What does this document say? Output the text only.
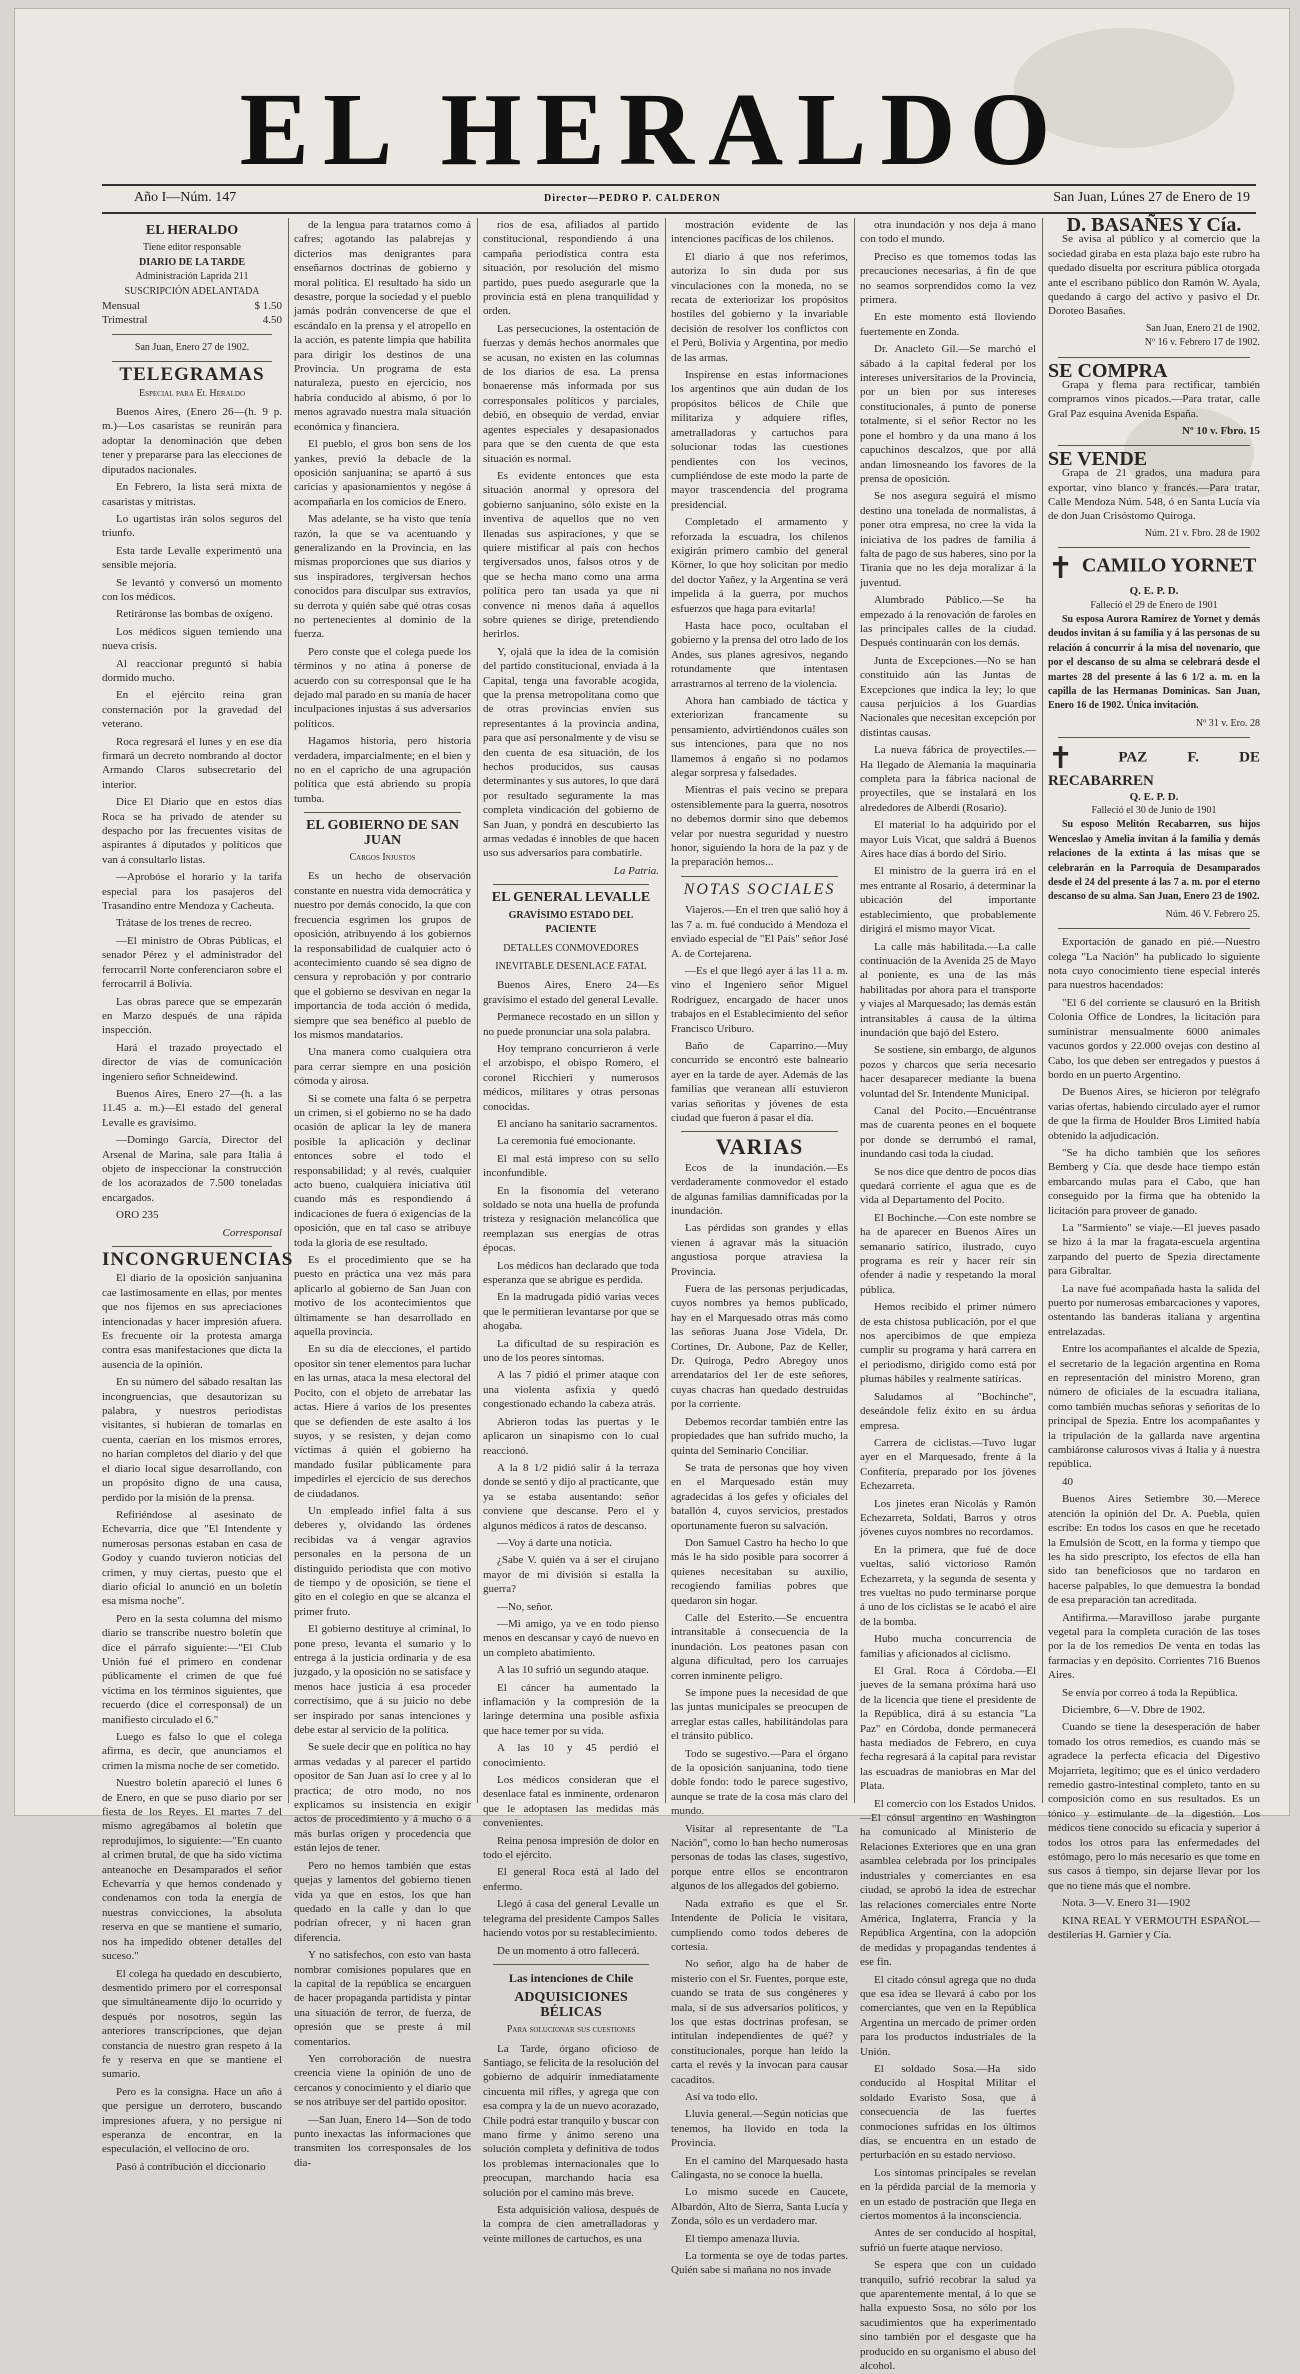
EL HERALDO
Año I—Núm. 147	Director—PEDRO P. CALDERON	San Juan, Lúnes 27 de Enero de 19
EL HERALDO
Tiene editor responsable
DIARIO DE LA TARDE
Administración Laprida 211
SUSCRIPCIÓN ADELANTADA
Mensual	$ 1.50
Trimestral	4.50
San Juan, Enero 27 de 1902.
TELEGRAMAS
Especial para El Heraldo

Buenos Aires, (Enero 26—(h. 9 p. m.)—Los casaristas se reunirán para adoptar la denominación que deben tener y prepararse para las elecciones de diputados nacionales.

En Febrero, la lista será mixta de casaristas y mitristas.

Lo ugartistas irán solos seguros del triunfo.

Esta tarde Levalle experimentó una sensible mejoría.

Se levantó y conversó un momento con los médicos.

Retiráronse las bombas de oxígeno.

Los médicos siguen temiendo una nueva crisis.

Al reaccionar preguntó si había dormido mucho.

En el ejército reina gran consternación por la gravedad del veterano.

Roca regresará el lunes y en ese día firmará un decreto nombrando al doctor Armando Claros subsecretario del interior.

Dice El Diario que en estos días Roca se ha privado de atender su despacho por las frecuentes visitas de aspirantes á diputados y políticos que van á consultarlo listas.

—Aprobóse el horario y la tarifa especial para los pasajeros del Trasandino entre Mendoza y Cacheuta.

Trátase de los trenes de recreo.

—El ministro de Obras Públicas, el senador Pérez y el administrador del ferrocarril Norte conferenciaron sobre el ferrocarril á Bolivia.

Las obras parece que se empezarán en Marzo después de una rápida inspección.

Hará el trazado proyectado el director de vías de comunicación ingeniero señor Schneidewind.

Buenos Aires, Enero 27—(h. a las 11.45 a. m.)—El estado del general Levalle es gravísimo.

—Domingo García, Director del Arsenal de Marina, sale para Italia á objeto de inspeccionar la construcción de los acorazados de 7.500 toneladas encargados.

ORO 235

Corresponsal
INCONGRUENCIAS

El diario de la oposición sanjuanina cae lastimosamente en ellas, por mentes que nos fijemos en sus apreciaciones intencionadas y hacer impresión afuera. Es frecuente oír la protesta amarga contra esas manifestaciones que dicta la ausencia de la opinión.

En su número del sábado resaltan las incongruencias, que desautorizan su palabra, y nuestros periodistas visitantes, si hubieran de tomarlas en cuenta, caerían en los mismos errores, no harían completos del diario y del que el diario local sigue desarrollando, con un propósito digno de una causa, perdido por la misión de la prensa.

Refiriéndose al asesinato de Echevarría, dice que "El Intendente y numerosas personas estaban en casa de Godoy y cuando tuvieron noticias del crimen, y muy ciertas, puesto que el diario oficial lo anunció en un boletín esa misma noche".

Pero en la sesta columna del mismo diario se transcribe nuestro boletín que dice el párrafo siguiente:—"El Club Unión fué el primero en condenar públicamente el crimen de que fué víctima en los términos siguientes, que recuerdo (dice el corresponsal) de un manifiesto circulado el 6."

Luego es falso lo que el colega afirma, es decir, que anunciamos el crimen la misma noche de ser cometido.

Nuestro boletín apareció el lunes 6 de Enero, en que se puso diario por ser fiesta de los Reyes. El martes 7 del mismo agregábamos al boletín que reprodujimos, lo siguiente:—"En cuanto al crimen brutal, de que ha sido víctima anteanoche en Desamparados el señor Echevarría y que hemos condenado y condenamos con toda la energía de nuestras convicciones, la absoluta reserva en que se mantiene el sumario, nos ha impedido obtener detalles del suceso."

El colega ha quedado en descubierto, desmentido primero por el corresponsal que simultáneamente dijo lo ocurrido y después por nosotros, según las anteriores transcripciones, que dejan constancia de nuestro gran respeto á la fe y reserva en que se mantiene el sumario.

Pero es la consigna. Hace un año á que persigue un derrotero, buscando impresiones afuera, y no persigue ni esperanza de encontrar, en la especulación, el vellocino de oro.

Pasó á contribución el diccionario

de la lengua para tratarnos como á cafres; agotando las palabrejas y dicterios mas denigrantes para enseñarnos doctrinas de gobierno y moral política. El resultado ha sido un desastre, porque la sociedad y el pueblo jamás podrán convencerse de que el escándalo en la prensa y el atropello en la acción, es patente limpia que habilita para dirigir los destinos de una Provincia. Un programa de esta naturaleza, puesto en ejercicio, nos habría conducido al abismo, ó por lo menos agravado nuestra mala situación económica y financiera.

El pueblo, el gros bon sens de los yankes, previó la debacle de la oposición sanjuanina; se apartó á sus caricias y apasionamientos y negóse á acompañarla en los comicios de Enero.

Mas adelante, se ha visto que tenía razón, la que se va acentuando y generalizando en la Provincia, en las mismas proporciones que sus diarios y sus inspiradores, tergiversan hechos conocidos para disculpar sus extravíos, su derrota y quién sabe qué otras cosas no pertenecientes al dominio de la fuerza.

Pero conste que el colega puede los términos y no atina á ponerse de acuerdo con su corresponsal que le ha dejado mal parado en su manía de hacer inculpaciones injustas á sus adversarios políticos.

Hagamos historia, pero historia verdadera, imparcialmente; en el bien y no en el capricho de una agrupación política que está abriendo su propia tumba.

EL GOBIERNO DE SAN JUAN
Cargos Injustos

Es un hecho de observación constante en nuestra vida democrática y nuestro por demás conocido, la que con frecuencia esgrimen los grupos de oposición, atribuyendo á los gobiernos la responsabilidad de cualquier acto ó acontecimiento cuando sé sea digno de censura y reprobación y por contrario que el gobierno se desvivan en negar la importancia de toda acción ó medida, siempre que sea benéfico al pueblo de los mismos mandatarios.

Una manera como cualquiera otra para cerrar siempre en una posición cómoda y airosa.

Si se comete una falta ó se perpetra un crimen, si el gobierno no se ha dado ocasión de aplicar la ley de manera posible la aplicación y declinar entonces sobre el todo el responsabilidad; y al revés, cualquier acto bueno, cualquiera iniciativa útil cuando más es respondiendo á indicaciones de fuera ó exigencias de la oposición, que en tal caso se atribuye toda la gloria de ese resultado.

Es el procedimiento que se ha puesto en práctica una vez más para aplicarlo al gobierno de San Juan con motivo de los acontecimientos que últimamente se han desarrollado en aquella provincia.

En su día de elecciones, el partido opositor sin tener elementos para luchar en las urnas, ataca la mesa electoral del Pocito, con el objeto de arrebatar las actas. Hiere á varios de los presentes que se defienden de este asalto á los suyos, y se resisten, y dejan como víctimas á quién el gobierno ha mandado fusilar públicamente para impedirles el ejercicio de sus derechos de ciudadanos.

Un empleado infiel falta á sus deberes y, olvidando las órdenes recibidas va á vengar agravios personales en la persona de un distinguido periodista que con motivo de tiempo y de oposición, se tiene el gito en el colegio en que se alcanza el primer fruto.

El gobierno destituye al criminal, lo pone preso, levanta el sumario y lo entrega á la justicia ordinaria y de esa juzgado, y la oposición no se satisface y menos hace justicia á esa proceder correctísimo, que á su juicio no debe ser inspirado por sanas intenciones y debe estar al servicio de la política.

Se suele decir que en política no hay armas vedadas y al parecer el partido opositor de San Juan así lo cree y al lo practica; de otro modo, no nos explicamos su insistencia en exigir actos de procedimiento y á mucho ó á más burlas origen y procedencia que están lejos de tener.

Pero no hemos también que estas quejas y lamentos del gobierno tienen vida ya que en estos, los que han quedado en la calle y dan lo que podrían ofrecer, y ni hacen gran diferencia.

Y no satisfechos, con esto van hasta nombrar comisiones populares que en la capital de la república se encarguen de hacer propaganda partidista y pintar una situación de terror, de fuerza, de opresión que se preste á mil comentarios.

Yen corroboración de nuestra creencia viene la opinión de uno de cercanos y conocimiento y el diario que se nos atribuye ser del partido opositor.

—San Juan, Enero 14—Son de todo punto inexactas las informaciones que transmiten los corresponsales de los dia-

rios de esa, afiliados al partido constitucional, respondiendo á una campaña periodística contra esta situación, por resolución del mismo partido, pues puedo asegurarle que la provincia está en plena tranquilidad y orden.

Las persecuciones, la ostentación de fuerzas y demás hechos anormales que se acusan, no existen en las columnas de los diarios de esa. La prensa bonaerense más informada por sus corresponsales políticos y parciales, debió, en obsequio de verdad, enviar agentes especiales y desapasionados para que se den cuenta de que esta situación es normal.

Es evidente entonces que esta situación anormal y opresora del gobierno sanjuanino, sólo existe en la inventiva de aquellos que no ven llenadas sus aspiraciones, y que se quiere mistificar al país con hechos tergiversados unos, falsos otros y de que se hecha mano como una arma política pero tan usada ya que ni convence ni menos daña á aquellos sobre quienes se dirige, pretendiendo herirlos.

Y, ojalá que la idea de la comisión del partido constitucional, enviada á la Capital, tenga una favorable acogida, que la prensa metropolitana como que de otras provincias envíen sus representantes á la provincia andina, para que así personalmente y de visu se den cuenta de esa situación, de los hechos producidos, sus causas determinantes y sus autores, lo que dará por resultado seguramente la mas completa vindicación del gobierno de San Juan, y pondrá en descubierto las armas vedadas é innobles de que hacen uso sus adversarios para combatirle.

La Patria.
EL GENERAL LEVALLE
GRAVÍSIMO ESTADO DEL PACIENTE
DETALLES CONMOVEDORES
INEVITABLE DESENLACE FATAL

Buenos Aires, Enero 24—Es gravísimo el estado del general Levalle.

Permanece recostado en un sillon y no puede pronunciar una sola palabra.

Hoy temprano concurrieron á verle el arzobispo, el obispo Romero, el coronel Ricchieri y numerosos médicos, militares y otras personas conocidas.

El anciano ha sanitario sacramentos.

La ceremonia fué emocionante.

El mal está impreso con su sello inconfundible.

En la fisonomía del veterano soldado se nota una huella de profunda tristeza y resignación melancólica que reemplazan sus energías de otras épocas.

Los médicos han declarado que toda esperanza que se abrigue es perdida.

En la madrugada pidió varias veces que le permitieran levantarse por que se ahogaba.

La dificultad de su respiración es uno de los peores síntomas.

A las 7 pidió el primer ataque con una violenta asfixia y quedó congestionado echando la cabeza atrás.

Abrieron todas las puertas y le aplicaron un sinapismo con lo cual reaccionó.

A la 8 1/2 pidió salir á la terraza donde se sentó y dijo al practicante, que ya se estaba ausentando: señor conviene que descanse. Pero el y algunos médicos á ratos de descanso.

—Voy á darte una noticia.

¿Sabe V. quién va á ser el cirujano mayor de mi división si estalla la guerra?

—No, señor.

—Mi amigo, ya ve en todo pienso menos en descansar y cayó de nuevo en un completo abatimiento.

A las 10 sufrió un segundo ataque.

El cáncer ha aumentado la inflamación y la compresión de la laringe determina una posible asfixia que hace temer por su vida.

A las 10 y 45 perdió el conocimiento.

Los médicos consideran que el desenlace fatal es inminente, ordenaron que le adoptasen las medidas más convenientes.

Reina penosa impresión de dolor en todo el ejército.

El general Roca está al lado del enfermo.

Llegó á casa del general Levalle un telegrama del presidente Campos Salles haciendo votos por su restablecimiento.

De un momento á otro fallecerá.

Las intenciones de Chile
ADQUISICIONES BÉLICAS
Para solucionar sus cuestiones

La Tarde, órgano oficioso de Santiago, se felicita de la resolución del gobierno de adquirir inmediatamente cincuenta mil rifles, y agrega que con esa compra y la de un nuevo acorazado, Chile podrá estar tranquilo y buscar con mano firme y ánimo sereno una solución completa y definitiva de todos los problemas internacionales que lo preocupan, marchando hacia esa solución por el camino más breve.

Esta adquisición valiosa, después de la compra de cien ametralladoras y veinte millones de cartuchos, es una

mostración evidente de las intenciones pacíficas de los chilenos.

El diario á que nos referimos, autoriza lo sin duda por sus vinculaciones con la moneda, no se recata de exteriorizar los propósitos hostiles del gobierno y la invariable decisión de resolver los conflictos con el Perú, Bolivia y Argentina, por medio de las armas.

Inspírense en estas informaciones los argentinos que aún dudan de los propósitos bélicos de Chile que militariza y adquiere rifles, ametralladoras y cartuchos para solucionar todas las cuestiones pendientes con los vecinos, cumpliéndose de este modo la parte de mayor trascendencia del programa presidencial.

Completado el armamento y reforzada la escuadra, los chilenos exigirán primero cambio del general Körner, lo que hoy solicitan por medio del doctor Yañez, y la Argentina se verá impelida á la guerra, por muchos esfuerzos que haga para evitarla!

Hasta hace poco, ocultaban el gobierno y la prensa del otro lado de los Andes, sus planes agresivos, negando rotundamente que intentasen arrastrarnos al terreno de la violencia.

Ahora han cambiado de táctica y exteriorizan francamente su pensamiento, advirtiéndonos cuáles son sus intenciones, para que no nos llamemos á engaño si no podamos alegar sorpresa y falsedades.

Mientras el país vecino se prepara ostensiblemente para la guerra, nosotros no debemos dormir sino que debemos velar por nuestra seguridad y nuestro honor, siguiendo la hora de la paz y de la preparación hemos...

NOTAS SOCIALES

Viajeros.—En el tren que salió hoy á las 7 a. m. fué conducido á Mendoza el enviado especial de "El País" señor José A. de Cortejarena.

—Es el que llegó ayer á las 11 a. m. vino el Ingeniero señor Miguel Rodríguez, encargado de hacer unos trabajos en el Establecimiento del señor Francisco Uriburo.

Baño de Caparrino.—Muy concurrido se encontró este balneario ayer en la tarde de ayer. Además de las familias que veranean allí estuvieron varias señoritas y jóvenes de esta ciudad que fueron á pasar el día.

VARIAS

Ecos de la inundación.—Es verdaderamente conmovedor el estado de algunas familias damnificadas por la inundación.

Las pérdidas son grandes y ellas vienen á agravar más la situación angustiosa porque atraviesa la Provincia.

Fuera de las personas perjudicadas, cuyos nombres ya hemos publicado, hay en el Marquesado otras más como las señoras Juana Jose Videla, Dr. Cortines, Dr. Aubone, Paz de Keller, Dr. Quiroga, Pedro Abregoy unos arrendatarios del 1er de este señores, cuyas chacras han quedado destruidas por la corriente.

Debemos recordar también entre las propiedades que han sufrido mucho, la quinta del Seminario Conciliar.

Se trata de personas que hoy viven en el Marquesado están muy agradecidas á los gefes y oficiales del batallón 4, cuyos servicios, prestados oportunamente fueron su salvación.

Don Samuel Castro ha hecho lo que más le ha sido posible para socorrer á quienes necesitaban su auxilio, recogiendo familias pobres que quedaron sin hogar.

Calle del Esterito.—Se encuentra intransitable á consecuencia de la inundación. Los peatones pasan con alguna dificultad, pero los carruajes corren inminente peligro.

Se impone pues la necesidad de que las juntas municipales se preocupen de arreglar estas calles, habilitándolas para el tránsito público.

Todo se sugestivo.—Para el órgano de la oposición sanjuanina, todo tiene doble fondo: todo le parece sugestivo, aunque se trate de la cosa más claro del mundo.

Visitar al representante de "La Nación", como lo han hecho numerosas personas de todas las clases, sugestivo, porque entre ellos se encontraron algunos de los allegados del gobierno.

Nada extraño es que el Sr. Intendente de Policía le visitara, cumpliendo como todos deberes de cortesía.

No señor, algo ha de haber de misterio con el Sr. Fuentes, porque este, cuando se trata de sus congéneres y mala, sí de sus adversarios políticos, y los que estas doctrinas profesan, se intitulan independientes de qué? y constitucionales, porque han leído la carta el revés y la invocan para causar cacaditos.

Así va todo ello.

Lluvia general.—Según noticias que tenemos, ha llovido en toda la Provincia.

En el camino del Marquesado hasta Calingasta, no se conoce la huella.

Lo mismo sucede en Caucete, Albardón, Alto de Sierra, Santa Lucía y Zonda, sólo es un verdadero mar.

El tiempo amenaza lluvia.

La tormenta se oye de todas partes. Quién sabe si mañana no nos invade

otra inundación y nos deja á mano con todo el mundo.

Preciso es que tomemos todas las precauciones necesarias, á fin de que no seamos sorprendidos como la vez primera.

En este momento está lloviendo fuertemente en Zonda.

Dr. Anacleto Gil.—Se marchó el sábado á la capital federal por los intereses universitarios de la Provincia, por un bien por sus intereses constitucionales, á punto de ponerse totalmente, si el señor Rector no les pone el hombro y da una mano á los capuchinos descalzos, que por allá andan limosneando los favores de la prensa de oposición.

Se nos asegura seguirá el mismo destino una tonelada de normalistas, á poner otra empresa, no cree la vida la iniciativa de los padres de familia á falta de pago de sus haberes, sino por la Tirania que no les deja moralizar á la juventud.

Alumbrado Público.—Se ha empezado á la renovación de faroles en las principales calles de la ciudad. Después continuarán con los demás.

Junta de Excepciones.—No se han constituido aún las Juntas de Excepciones que indica la ley; lo que causa perjuicios á los Guardias Nacionales que necesitan excepción por distintas causas.

La nueva fábrica de proyectiles.—Ha llegado de Alemania la maquinaria completa para la fábrica nacional de proyectiles, que se instalará en los alrededores de Alberdi (Rosario).

El material lo ha adquirido por el mayor Luis Vicat, que saldrá á Buenos Aires hace días á bordo del Sirio.

El ministro de la guerra irá en el mes entrante al Rosario, á determinar la ubicación del importante establecimiento, que probablemente dirigirá el mismo mayor Vicat.

La calle más habilitada.—La calle continuación de la Avenida 25 de Mayo al poniente, es una de las más habilitadas por ahora para el transporte y viajes al Marquesado; las demás están intransitables á causa de la última inundación que bajó del Estero.

Se sostiene, sin embargo, de algunos pozos y charcos que sería necesario hacer desaparecer mediante la buena voluntad del Sr. Intendente Municipal.

Canal del Pocito.—Encuéntranse mas de cuarenta peones en el boquete por donde se derrumbó el ramal, inundando casi toda la ciudad.

Se nos dice que dentro de pocos días quedará corriente el agua que es de vida al Departamento del Pocito.

El Bochinche.—Con este nombre se ha de aparecer en Buenos Aires un semanario satírico, ilustrado, cuyo programa es reír y hacer reír sin ofender á nadie y respetando la moral pública.

Hemos recibido el primer número de esta chistosa publicación, por el que nos apercibimos de que empieza cumplir su programa y hará carrera en el periodismo, dirigido como está por plumas hábiles y realmente satíricas.

Saludamos al "Bochinche", deseándole feliz éxito en su árdua empresa.

Carrera de ciclistas.—Tuvo lugar ayer en el Marquesado, frente á la Confitería, preparado por los jóvenes Echezarreta.

Los jinetes eran Nicolás y Ramón Echezarreta, Soldati, Barros y otros jóvenes cuyos nombres no recordamos.

En la primera, que fué de doce vueltas, salió victorioso Ramón Echezarreta, y la segunda de sesenta y tres vueltas no pudo terminarse porque á uno de los ciclistas se le acabó el aire de la bomba.

Hubo mucha concurrencia de familias y aficionados al ciclismo.

El Gral. Roca á Córdoba.—El jueves de la semana próxima hará uso de la licencia que tiene el presidente de la República, dirá á su estancia "La Paz" en Córdoba, donde permanecerá hasta mediados de Febrero, en cuya fecha regresará á la capital para revistar las escuadras de maniobras en Mar del Plata.

El comercio con los Estados Unidos.—El cónsul argentino en Washington ha comunicado al Ministerio de Relaciones Exteriores que en una gran asamblea celebrada por los principales industriales y comerciantes en esa ciudad, se aprobó la idea de estrechar las relaciones comerciales entre Norte América, Inglaterra, Francia y la República Argentina, con la adopción de medidas y propagandas tendentes á ese fin.

El citado cónsul agrega que no duda que esa idea se llevará á cabo por los comerciantes, que ven en la República Argentina un mercado de primer orden para los productos industriales de la Unión.

El soldado Sosa.—Ha sido conducido al Hospital Militar el soldado Evaristo Sosa, que á consecuencia de las fuertes conmociones sufridas en los últimos días, se encuentra en un estado de perturbación en su estado nervioso.

Los síntomas principales se revelan en la pérdida parcial de la memoria y en un estado de postración que llega en ciertos momentos á la inconsciencia.

Antes de ser conducido al hospital, sufrió un fuerte ataque nervioso.

Se espera que con un cuidado tranquilo, sufrió recobrar la salud ya que aparentemente mental, á lo que se halla expuesto Sosa, no sólo por los sacudimientos que ha experimentado sino también por el desgaste que ha producido en su organismo el abuso del alcohol.

D. BASAÑES Y Cía.

Se avisa al público y al comercio que la sociedad giraba en esta plaza bajo este rubro ha quedado disuelta por escritura pública otorgada ante el escribano público don Ramón W. Ayala, quedando á cargo del activo y pasivo el Dr. Doroteo Basañes.

San Juan, Enero 21 de 1902.
Nº 16 v. Febrero 17 de 1902.
SE COMPRA

Grapa y flema para rectificar, también compramos vinos picados.—Para tratar, calle Gral Paz esquina Avenida España.

Nº 10 v. Fbro. 15
SE VENDE

Grapa de 21 grados, una madura para exportar, vino blanco y francés.—Para tratar, Calle Mendoza Núm. 548, ó en Santa Lucía vía de don Juan Crisóstomo Quiroga.

Núm. 21 v. Fbro. 28 de 1902
✝ CAMILO YORNET
Q. E. P. D.
Falleció el 29 de Enero de 1901

Su esposa Aurora Ramírez de Yornet y demás deudos invitan á su familia y á las personas de su relación á concurrir á la misa del novenario, que por el descanso de su alma se celebrará desde el martes 28 del presente á las 6 1/2 a. m. en la capilla de las Hermanas Dominicas. San Juan, Enero 16 de 1902. Única invitación.

Nº 31 v. Ero. 28
✝	PAZ F. DE RECABARREN
Q. E. P. D.
Falleció el 30 de Junio de 1901

Su esposo Melitón Recabarren, sus hijos Wenceslao y Amelia invitan á la familia y demás relaciones de la extinta á las misas que se celebrarán en la Parroquia de Desamparados desde el 24 del presente á las 7 a. m. por el eterno descanso de su alma. San Juan, Enero 23 de 1902.

Núm. 46 V. Febrero 25.

Exportación de ganado en pié.—Nuestro colega "La Nación" ha publicado lo siguiente nota cuyo conocimiento tiene especial interés para nuestros hacendados:

"El 6 del corriente se clausuró en la British Colonia Office de Londres, la licitación para suministrar mensualmente 6000 animales vacunos gordos y 22.000 ovejas con destino al Cabo, los que deben ser entregados y puestos á bordo en un puerto Argentino.

De Buenos Aires, se hicieron por telégrafo varias ofertas, habiendo circulado ayer el rumor de que la firma de Houlder Bros Limited había obtenido la adjudicación.

"Se ha dicho también que los señores Bemberg y Cía. que desde hace tiempo están embarcando mulas para el Cabo, que han conseguido por la firma que ha obtenido la licitación para proveer de ganado.

La "Sarmiento" se viaje.—El jueves pasado se hizo á la mar la fragata-escuela argentina zarpando del puerto de Spezia directamente para Gibraltar.

La nave fué acompañada hasta la salida del puerto por numerosas embarcaciones y vapores, ostentando las banderas italiana y argentina entrelazadas.

Entre los acompañantes el alcalde de Spezia, el secretario de la legación argentina en Roma en representación del ministro Moreno, gran número de oficiales de la escuadra italiana, como también muchas señoras y señoritas de lo principal de Spezia. Entre los acompañantes y la tripulación de la gallarda nave argentina cambiáronse calurosos vivas á Italia y á nuestra república.

40

Buenos Aires Setiembre 30.—Merece atención la opinión del Dr. A. Puebla, quien escribe: En todos los casos en que he recetado la Emulsión de Scott, en la forma y tiempo que les ha sido prescripto, los efectos de ella han sido tan beneficiosos que no tardaron en hacerse palpables, lo que demuestra la bondad de esa preparación tan acreditada.

Antifirma.—Maravilloso jarabe purgante vegetal para la completa curación de las toses por la de los remedios De venta en todas las farmacias y en depósito. Corrientes 716 Buenos Aires.

Se envía por correo á toda la República.

Diciembre, 6—V. Dbre de 1902.

Cuando se tiene la desesperación de haber tomado los otros remedios, es cuando más se agradece la perfecta eficacia del Digestivo Mojarrieta, legítimo; que es el único verdadero remedio gastro-intestinal completo, tanto en su composición como en sus resultados. Es un tónico y estimulante de la digestión. Los médicos tiene conocido su eficacia y superior á todos los otros para las enfermedades del estómago, pero lo más necesario es que tome en sus casos á tiempo, sin dejarse llevar por los que no tiene más que el nombre.

Nota. 3—V. Enero 31—1902

KINA REAL Y VERMOUTH ESPAÑOL—destilerías H. Garnier y Cía.
